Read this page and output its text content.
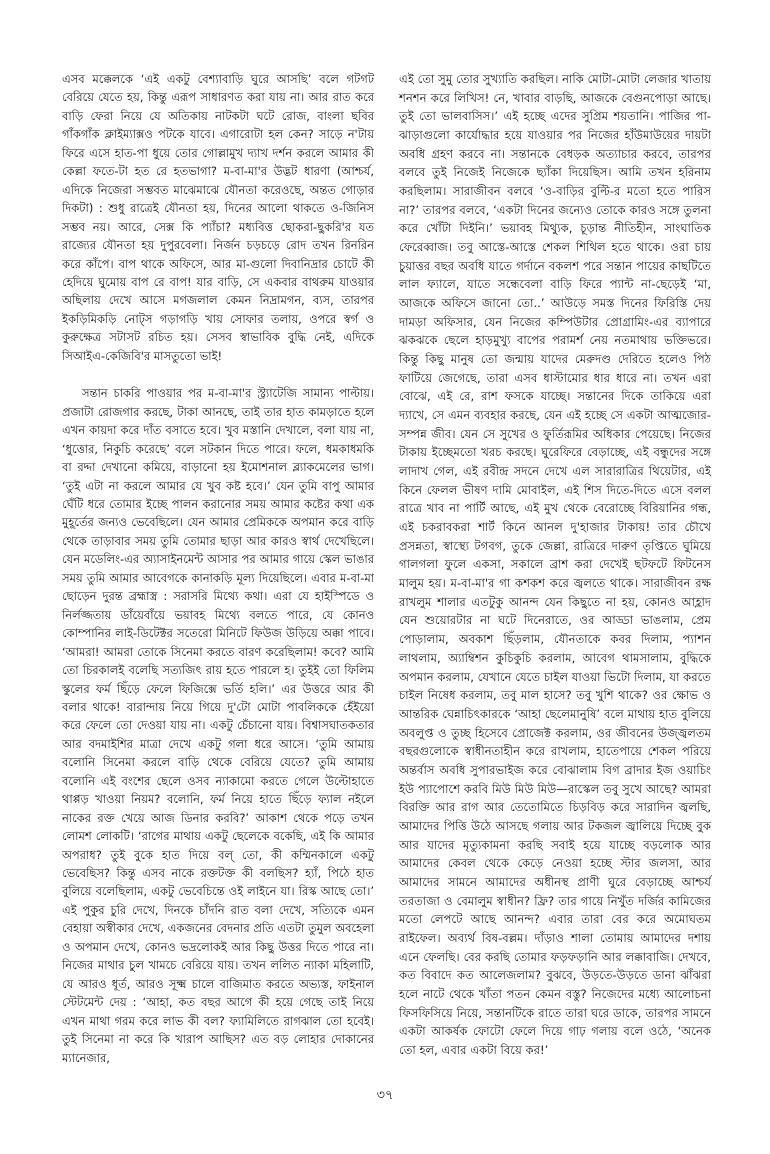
এসব মক্কেলকে ‘এই একটু বেশ্যাবাড়ি ঘুরে আসছি’ বলে গটগট বেরিয়ে যেতে হয়, কিন্তু এরূপ সাধারণত করা যায় না। আর রাত করে বাড়ি ফেরা নিয়ে যে অতিকায় নাটকটা ঘটে রোজ, বাংলা ছবির গাঁকগাঁক ক্লাইম্যাক্সও পটকে যাবে। এগারোটা হল কেন? সাড়ে ন'টায় ফিরে এসে হাত-পা ধুয়ে তোর গোল্লামুখ দ্যাখ দর্শন করলে আমার কী কেল্লা ফতে-টা হত রে হতভাগা? ম-বা-মা'র উদ্ভট ধারণা (আশ্চর্য, এদিকে নিজেরা সম্ভবত মাঝেমাঝে যৌনতা করেওছে, অন্তত গোড়ার দিকটা) : শুধু রাত্রেই যৌনতা হয়, দিনের আলো থাকতে ও-জিনিস সম্ভব নয়। আরে, সেক্স কি প্যাঁচা? মধ্যবিত্ত ছোকরা-ছুকরি'র যত রাজ্যের যৌনতা হয় দুপুরবেলা। নির্জন চড়চড়ে রোদ তখন রিনরিন করে কাঁপে। বাপ থাকে অফিসে, আর মা-গুলো দিবানিদ্রার চোটে কী হেদিয়ে ঘুমোয় বাপ রে বাপ! যার বাড়ি, সে একবার বাথরুম যাওয়ার অছিলায় দেখে আসে মগজলাল কেমন নিদ্রামগন, ব্যস, তারপর ইকড়িমিকড়ি নোট্স গড়াগড়ি খায় সোফার তলায়, ওপরে স্বর্গ ও কুরুক্ষেত্র সটাসট রচিত হয়। সেসব স্বাভাবিক বুদ্ধি নেই, এদিকে সিআইএ-কেজিবি'র মাসতুতো ভাই!

সন্তান চাকরি পাওয়ার পর ম-বা-মা'র স্ট্র্যাটেজি সামান্য পাল্টায়। প্রজাটা রোজগার করছে, টাকা আনছে, তাই তার হাত কামড়াতে হলে এখন কায়দা করে দাঁত বসাতে হবে। খুব মস্তানি দেখালে, বলা যায় না, ‘ধুত্তোর, নিকুচি করেছে’ বলে সটকান দিতে পারে। ফলে, ধমকাধমকি বা রদ্দা দেখানো কমিয়ে, বাড়ানো হয় ইমোশনাল ব্ল্যাকমেলের ভাগ। ‘তুই এটা না করলে আমার যে খুব কষ্ট হবে।’ যেন তুমি বাপু আমার ঘেঁটি ধরে তোমার ইচ্ছে পালন করানোর সময় আমার কষ্টের কথা এক মুহূর্তের জন্যও ভেবেছিলে। যেন আমার প্রেমিককে অপমান করে বাড়ি থেকে তাড়াবার সময় তুমি তোমার ছাড়া আর কারও স্বার্থ দেখেছিলে। যেন মডেলিং-এর অ্যাসাইনমেন্ট আসার পর আমার গায়ে স্কেল ভাঙার সময় তুমি আমার আবেগকে কানাকড়ি মূল্য দিয়েছিলে। এবার ম-বা-মা ছোড়েন দুরন্ত ব্রহ্মাস্ত্র : সরাসরি মিথ্যে কথা। এরা যে হাইস্পিডে ও নির্লজ্জতায় ডাঁয়েবাঁয়ে ভয়াবহ মিথ্যে বলতে পারে, যে কোনও কোম্পানির লাই-ডিটেক্টর সতেরো মিনিটে ফিউজ উড়িয়ে অক্কা পাবে। ‘আমরা! আমরা তোকে সিনেমা করতে বারণ করেছিলাম! কবে? আমি তো চিরকালই বলেছি সত্যজিৎ রায় হতে পারলে হ। তুইই তো ফিলিম স্কুলের ফর্ম ছিঁড়ে ফেলে ফিজিক্সে ভর্তি হলি।’ এর উত্তরে আর কী বলার থাকে! বারান্দায় নিয়ে গিয়ে দু'টো মোটা পাবলিককে হেঁইয়ো করে ফেলে তো দেওয়া যায় না। একটু চেঁচানো যায়। বিশ্বাসঘাতকতার আর বদমাইশির মাত্রা দেখে একটু গলা ধরে আসে। ‘তুমি আমায় বলোনি সিনেমা করলে বাড়ি থেকে বেরিয়ে যেতে? তুমি আমায় বলোনি এই বংশের ছেলে ওসব ন্যাকামো করতে গেলে উল্টোহাতে থাপ্পড় খাওয়া নিয়ম? বলোনি, ফর্ম নিয়ে হাতে ছিঁড়ে ফ্যাল নইলে নাকের রক্ত খেয়ে আজ ডিনার করবি?’ আকাশ থেকে পড়ে তখন লোমশ লোকটি। ‘রাগের মাথায় একটু ছেলেকে বকেছি, এই কি আমার অপরাধ? তুই বুকে হাত দিয়ে বল্ তো, কী কম্মিনকালে একটু ভেবেছিস? কিন্তু এসব নাকে রক্তটক্ত কী বলছিস? হ্যাঁ, পিঠে হাত বুলিয়ে বলেছিলাম, একটু ভেবেচিন্তে ওই লাইনে যা। রিস্ক আছে তো।’ এই পুকুর চুরি দেখে, দিনকে চাঁদনি রাত বলা দেখে, সত্যিকে এমন বেহায়া অস্বীকার দেখে, একজনের বেদনার প্রতি এতটা তুমুল অবহেলা ও অপমান দেখে, কোনও ভদ্রলোকই আর কিছু উত্তর দিতে পারে না। নিজের মাথার চুল খামচে বেরিয়ে যায়। তখন ললিত ন্যাকা মহিলাটি, যে আরও ধূর্ত, আরও সূক্ষ্ম চালে বাজিমাত করতে অভ্যস্ত, ফাইনাল স্টেটমেন্ট দেয় : ‘আহা, কত বছর আগে কী হয়ে গেছে তাই নিয়ে এখন মাথা গরম করে লাভ কী বল? ফ্যামিলিতে রাগঝাল তো হবেই। তুই সিনেমা না করে কি খারাপ আছিস? এত বড় লোহার দোকানের ম্যানেজার,

এই তো সুমু তোর সুখ্যাতি করছিল। নাকি মোটা-মোটা লেজার খাতায় শনশন করে লিখিস! নে, খাবার বাড়ছি, আজকে বেগুনপোড়া আছে। তুই তো ভালবাসিস।’ এই হচ্ছে এদের সুপ্রিম শয়তানি। পাজির পা-ঝাড়াগুলো কার্যোদ্ধার হয়ে যাওয়ার পর নিজের হাঁউমাউয়ের দায়টা অবধি গ্রহণ করবে না। সন্তানকে বেধড়ক অত্যাচার করবে, তারপর বলবে তুই নিজেই নিজেকে ছ্যাঁকা দিয়েছিস। আমি তখন হরিনাম করছিলাম। সারাজীবন বলবে ‘ও-বাড়ির বুল্টি-র মতো হতে পারিস না?’ তারপর বলবে, ‘একটা দিনের জন্যেও তোকে কারও সঙ্গে তুলনা করে খোঁটা দিইনি।’ ভয়াবহ মিথ্যুক, চূড়ান্ত নীতিহীন, সাংঘাতিক ফেরেব্বাজ। তবু আস্তে-আস্তে শেকল শিথিল হতে থাকে। ওরা চায় চুয়াত্তর বছর অবধি যাতে গর্দানে বকলশ পরে সন্তান পায়ের কাছটিতে লাল ফ্যালে, যাতে সন্ধেবেলা বাড়ি ফিরে প্যান্ট না-ছেড়েই ‘মা, আজকে অফিসে জানো তো..’ আউড়ে সমস্ত দিনের ফিরিস্তি দেয় দামড়া অফিসার, যেন নিজের কম্পিউটার প্রোগ্রামিং-এর ব্যাপারে ঝকঝকে ছেলে হাড়মুখ্যু বাপের পরামর্শ নেয় নতমাথায় ভক্তিভরে। কিন্তু কিছু মানুষ তো জন্মায় যাদের মেরুদণ্ড দেরিতে হলেও পিঠ ফাটিয়ে জেগেছে, তারা এসব ধাস্টামোর ধার ধারে না। তখন এরা বোঝে, এই রে, রাশ ফসকে যাচ্ছে। সন্তানের দিকে তাকিয়ে এরা দ্যাখে, সে এমন ব্যবহার করছে, যেন এই হচ্ছে সে একটা আত্মজোর-সম্পন্ন জীব। যেন সে সুখের ও ফুর্তিরূমির অধিকার পেয়েছে। নিজের টাকায় ইচ্ছেমতো খরচ করছে। ঘুরেফিরে বেড়াচ্ছে, এই বন্ধুদের সঙ্গে লাদাখ গেল, এই রবীন্দ্র সদনে দেখে এল সারারাত্রির থিয়েটার, এই কিনে ফেলল ভীষণ দামি মোবাইল, এই শিস দিতে-দিতে এসে বলল রাত্রে খাব না পার্টি আছে, এই মুখ থেকে বেরোচ্ছে বিরিয়ানির গন্ধ, এই চকরাবকরা শার্ট কিনে আনল দু'হাজার টাকায়! তার চৌখে প্রসন্নতা, স্বাস্থ্যে টগবগ, তুকে জেল্লা, রাত্রিরে দারুণ তৃপ্তিতে ঘুমিয়ে গালগলা ফুলে একসা, সকালে ব্রাশ করা দেখেই ছটফটে ফিটনেস মালুম হয়। ম-বা-মা'র গা কশকশ করে জ্বলতে থাকে। সারাজীবন রক্ষ রাখলুম শালার এতটুকু আনন্দ যেন কিছুতে না হয়, কোনও আহ্লাদ যেন শুয়োরটার না ঘটে দিনেরাতে, ওর আড্ডা ভাঙলাম, প্রেম পোড়ালাম, অবকাশ ছিঁড়লাম, যৌনতাকে কবর দিলাম, প্যাশন লাথলাম, অ্যাম্বিশন কুচিকুচি করলাম, আবেগ থামসালাম, বুদ্ধিকে অপমান করলাম, যেখানে যেতে চাইল যাওয়া ভিটো দিলাম, যা করতে চাইল নিষেধ করলাম, তবু মাল হাসে? তবু খুশি থাকে? ওর ক্ষোভ ও আন্তরিক ঘেন্নাচিৎকারকে ‘আহা ছেলেমানুষি’ বলে মাথায় হাত বুলিয়ে অবলুপ্ত ও তুচ্ছ হিসেবে প্রোজেক্ট করলাম, ওর জীবনের উজ্জ্বলতম বছরগুলোকে স্বাধীনতাহীন করে রাখলাম, হাতেপায়ে শেকল পরিয়ে অন্তর্বাস অবধি সুপারভাইজ করে বোঝালাম বিগ ব্রাদার ইজ ওয়াচিং ইউ প্যাপোশে করবি মিউ মিউ মিউ—রাস্কেল তবু সুখে আছে? আমরা বিরক্তি আর রাগ আর তেতোমিতে চিড়বিড় করে সারাদিন জ্বলছি, আমাদের পিত্তি উঠে আসছে গলায় আর টকজল জ্বালিয়ে দিচ্ছে বুক আর যাদের মৃত্যুকামনা করছি সবাই হয়ে যাচ্ছে বড়লোক আর আমাদের কেবল থেকে কেড়ে নেওয়া হচ্ছে স্টার জলসা, আর আমাদের সামনে আমাদের অধীনস্থ প্রাণী ঘুরে বেড়াচ্ছে আশ্চর্য তরতাজা ও বেমালুম স্বাধীন? ফ্রি? তার গায়ে নিখুঁত দর্জির কামিজের মতো লেপটে আছে আনন্দ? এবার তারা বের করে অমোঘতম রাইফেল। অব্যর্থ বিষ-বল্লম। দাঁড়াও শালা তোমায় আমাদের দশায় এনে ফেলছি। বের করছি তোমার ফড়ফড়ানি আর লক্কাবাজি। দেখবে, কত বিবাদে কত আলেজলাম? বুঝবে, উড়তে-উড়তে ডানা ঝাঁঝরা হলে নাটে থেকে খাঁতা পতন কেমন বস্তু? নিজেদের মধ্যে আলোচনা ফিসফিসিয়ে নিয়ে, সন্তানটিকে রাতে তারা ঘরে ডাকে, তারপর সামনে একটা আকর্ষক ফোটো ফেলে দিয়ে গাঢ় গলায় বলে ওঠে, ‘অনেক তো হল, এবার একটা বিয়ে কর!’

৩৭
